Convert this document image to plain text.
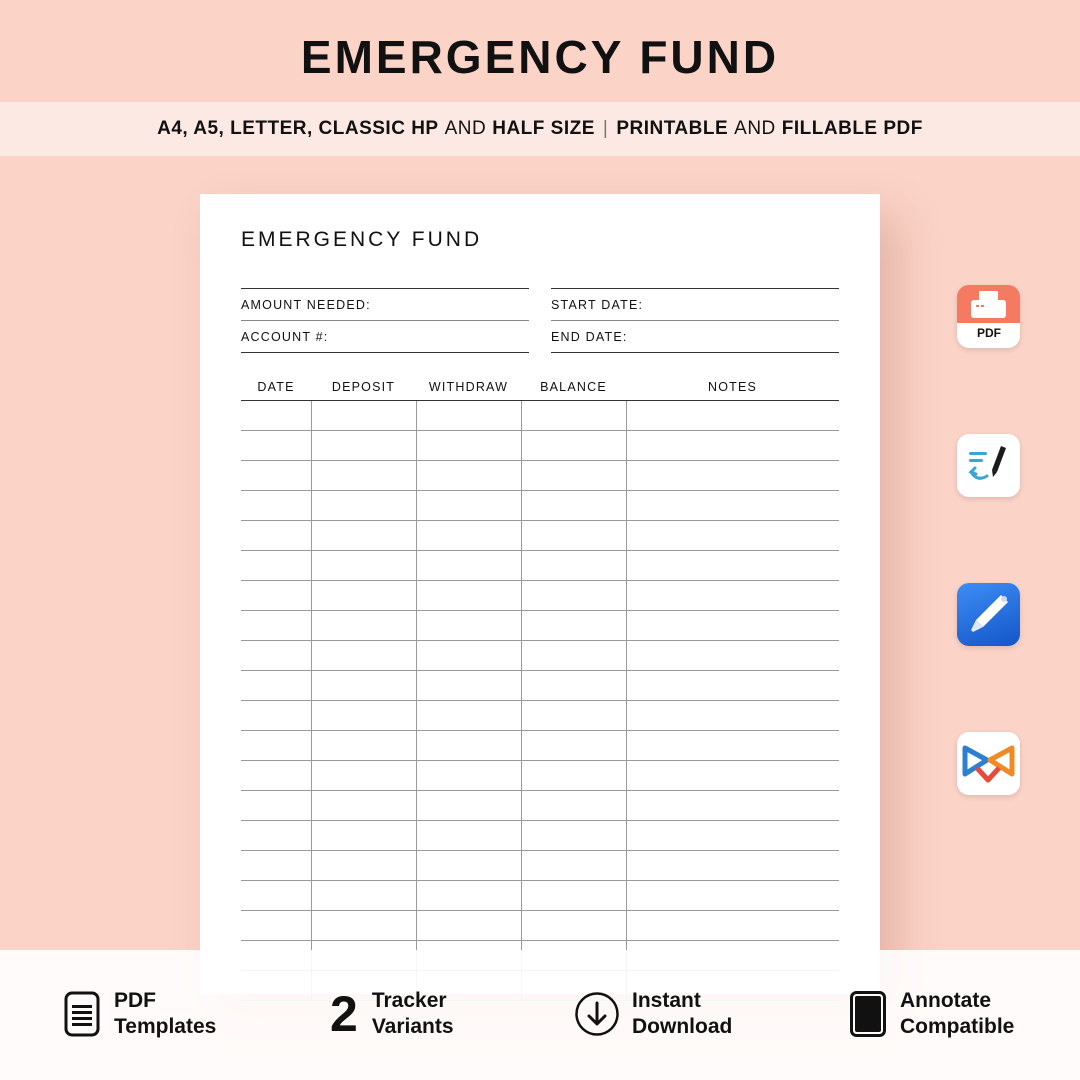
EMERGENCY FUND
A4, A5, LETTER, CLASSIC HP AND HALF SIZE | PRINTABLE AND FILLABLE PDF
EMERGENCY FUND
AMOUNT NEEDED:
ACCOUNT #:
START DATE:
END DATE:
DATE	DEPOSIT	WITHDRAW	BALANCE	NOTES

PDF
PDF
Templates 2 Tracker
Variants
Instant
Download
Annotate
Compatible
